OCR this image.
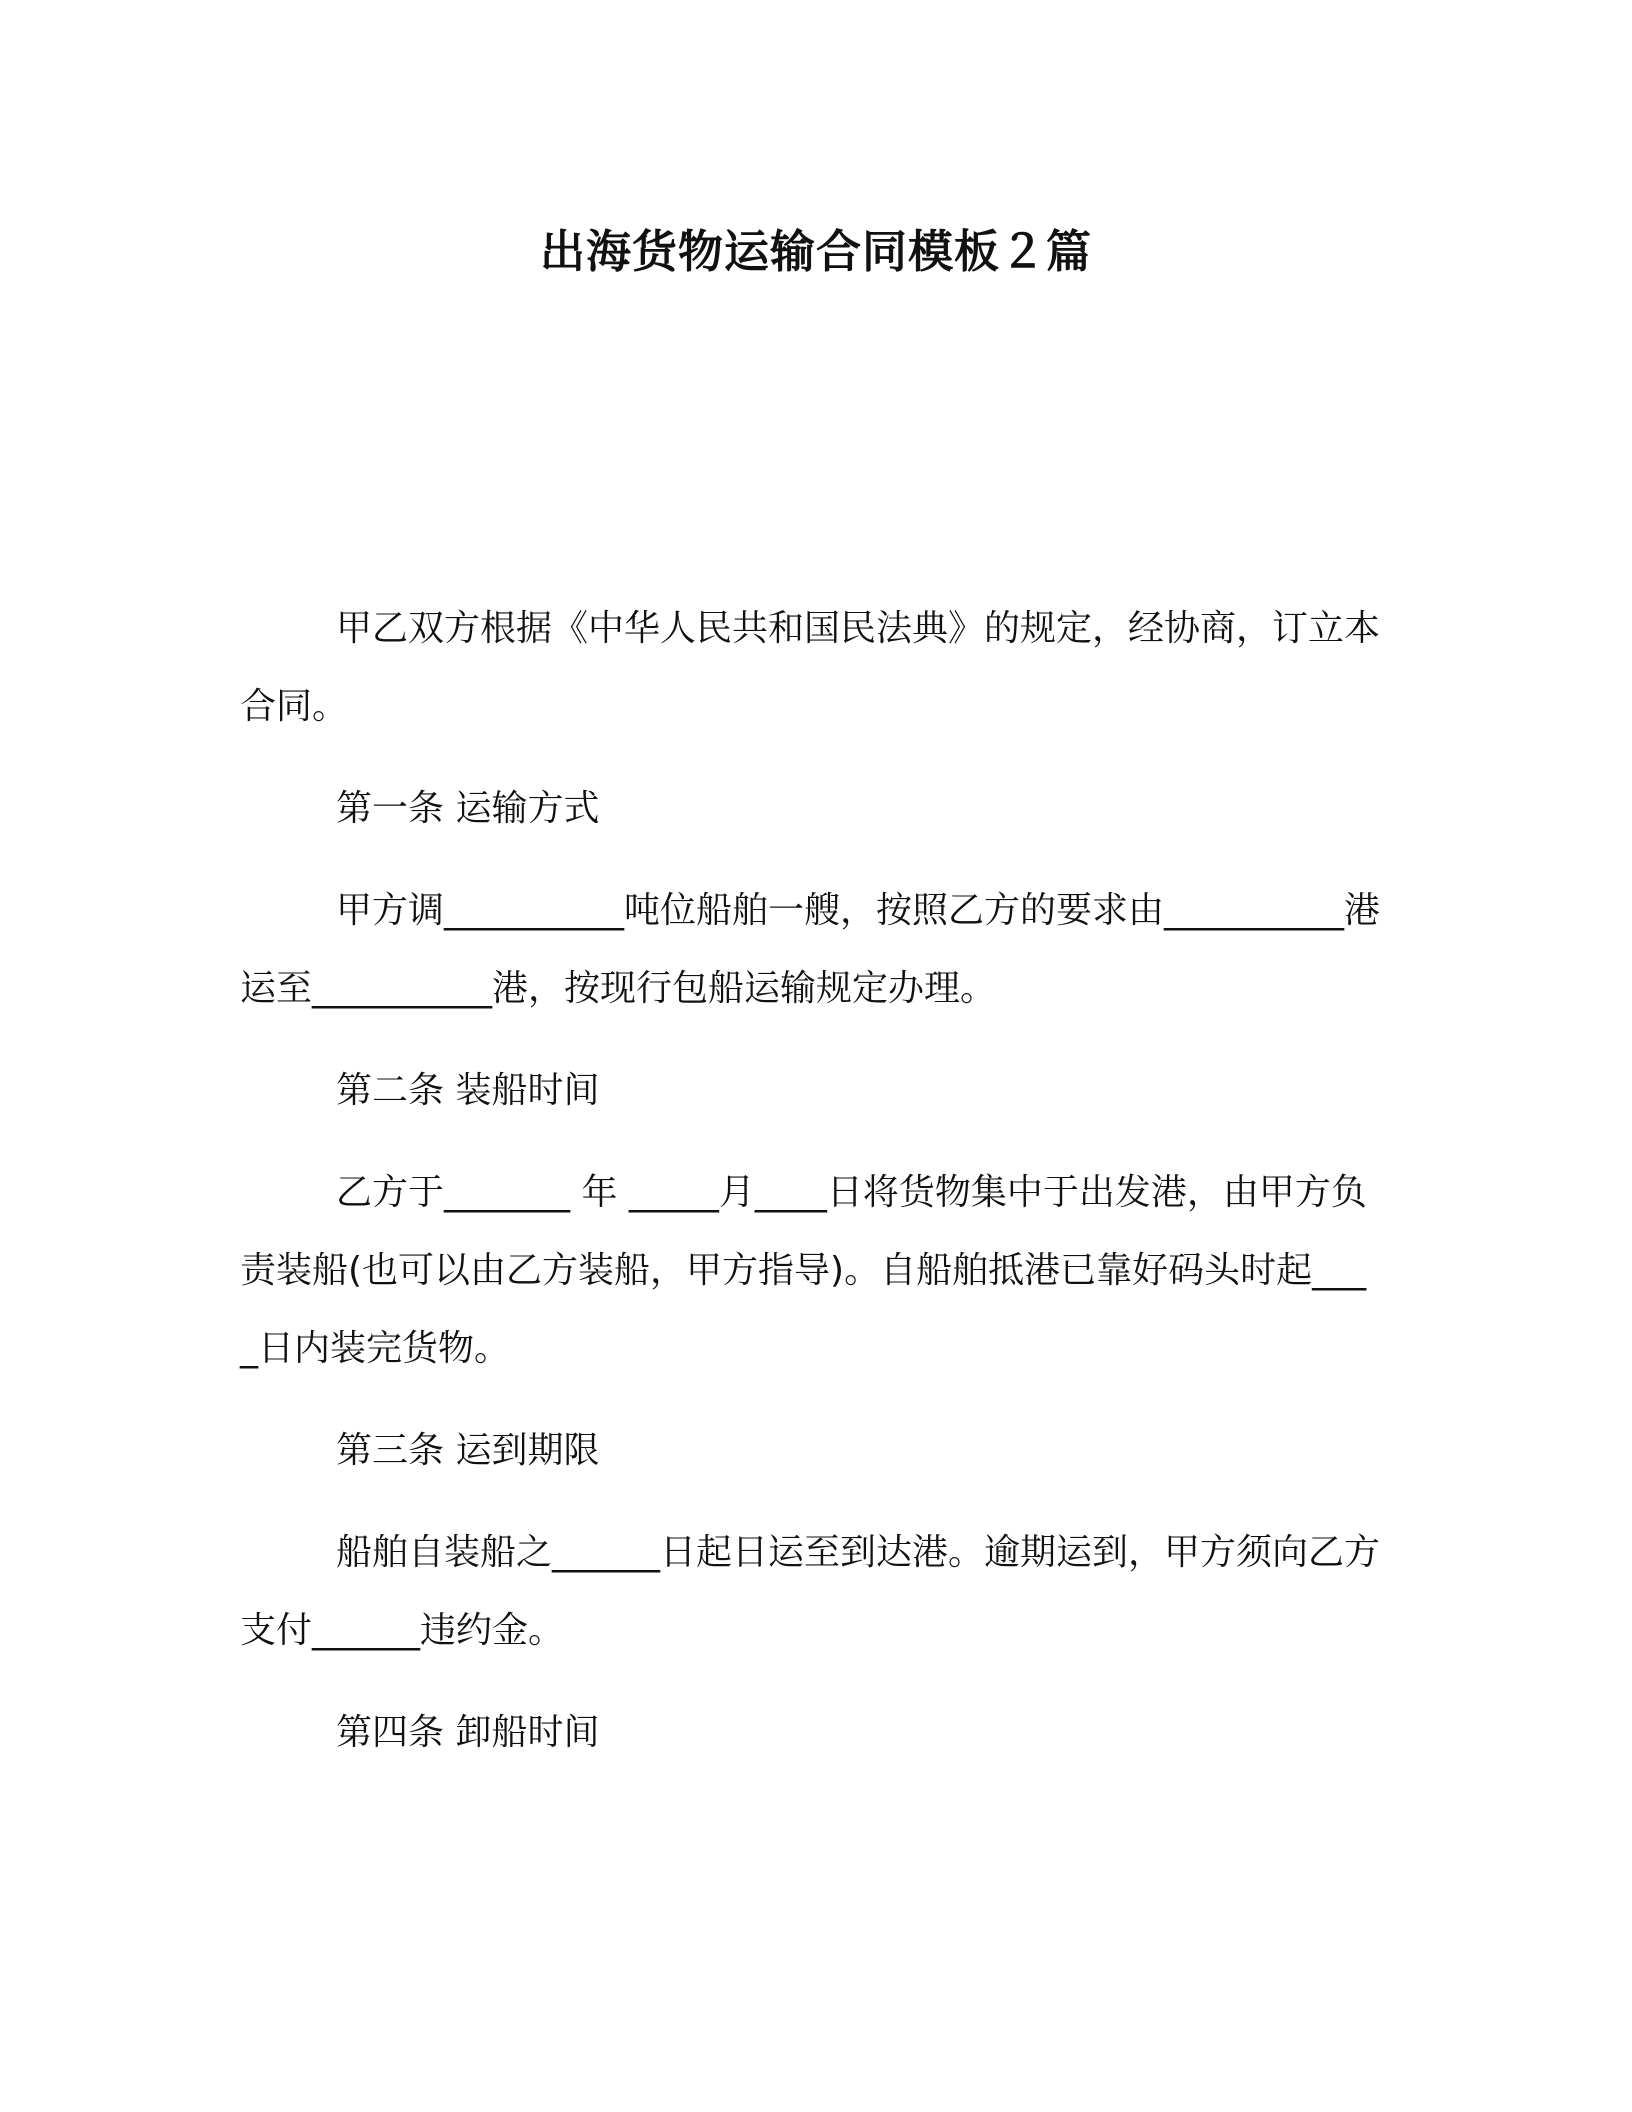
出海货物运输合同模板２篇

甲乙双方根据《中华人民共和国民法典》的规定，经协商，订立本合同。

第一条 运输方式

甲方调__________吨位船舶一艘，按照乙方的要求由__________港运至__________港，按现行包船运输规定办理。

第二条 装船时间

乙方于_______ 年 _____月____日将货物集中于出发港，由甲方负责装船(也可以由乙方装船，甲方指导)。自船舶抵港已靠好码头时起____日内装完货物。

第三条 运到期限

船舶自装船之______日起日运至到达港。逾期运到，甲方须向乙方支付______违约金。

第四条 卸船时间
